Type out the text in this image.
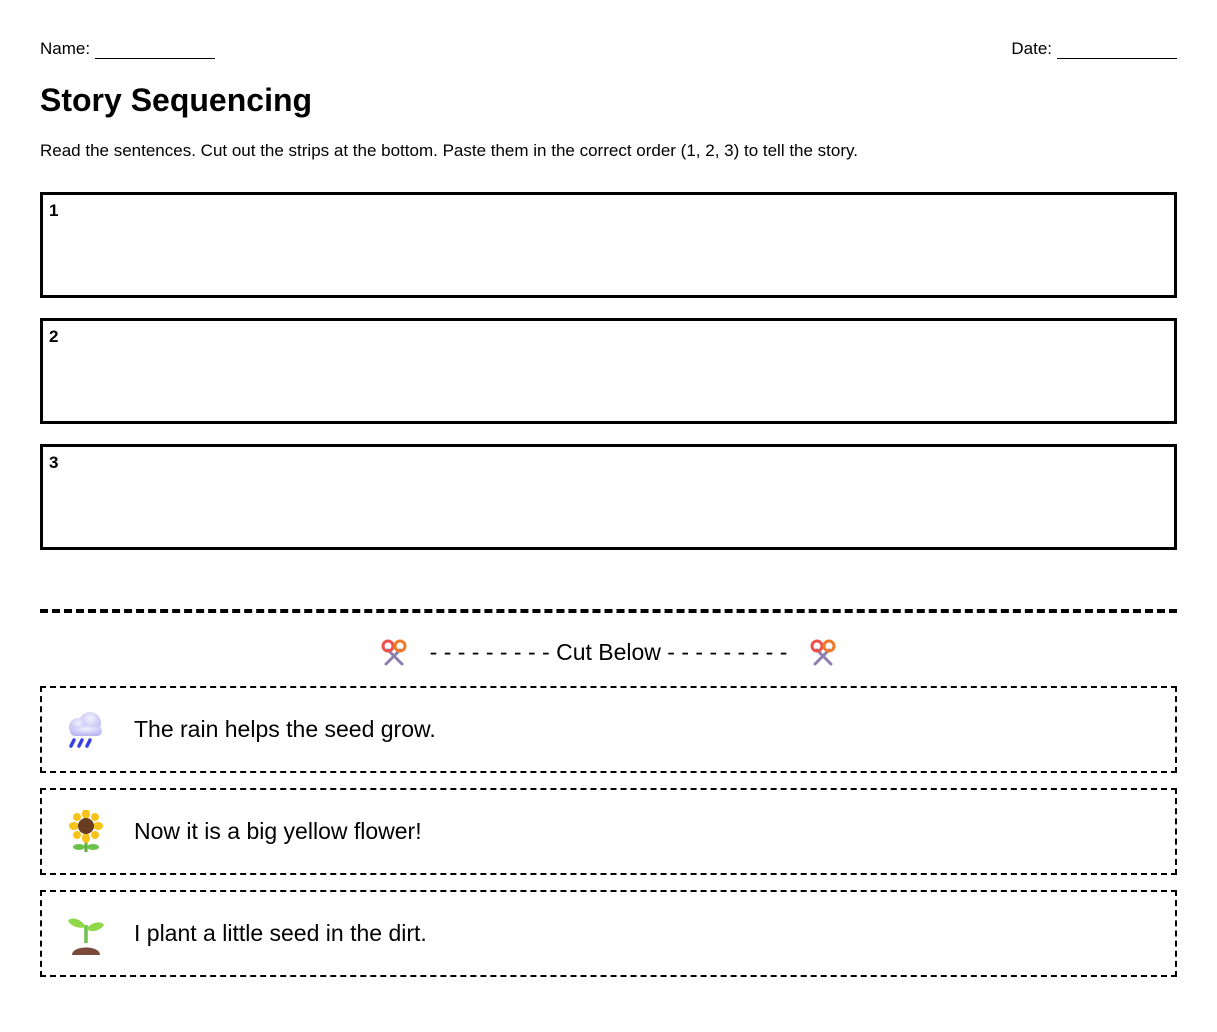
Name:	Date:
Story Sequencing

Read the sentences. Cut out the strips at the bottom. Paste them in the correct order (1, 2, 3) to tell the story.

1
2
3
- - - - - - - - - Cut Below - - - - - - - - -
The rain helps the seed grow.
Now it is a big yellow flower!
I plant a little seed in the dirt.
